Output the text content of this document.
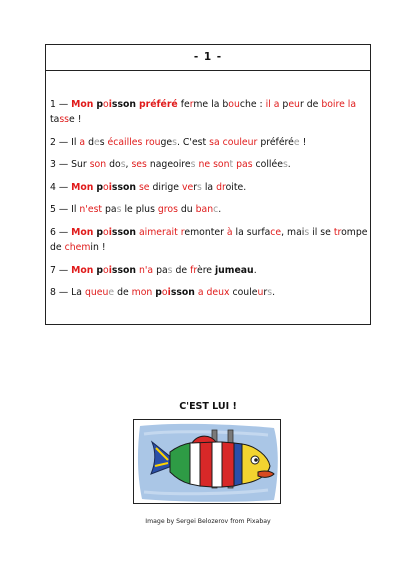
- 1 -
1 — Mon poisson préféré ferme la bouche : il a peur de boire la tasse !
2 — Il a des écailles rouges. C'est sa couleur préférée !
3 — Sur son dos, ses nageoires ne sont pas collées.
4 — Mon poisson se dirige vers la droite.
5 — Il n'est pas le plus gros du banc.
6 — Mon poisson aimerait remonter à la surface, mais il se trompe de chemin !
7 — Mon poisson n'a pas de frère jumeau.
8 — La queue de mon poisson a deux couleurs.
C'EST LUI !
Image by Sergei Belozerov from Pixabay
